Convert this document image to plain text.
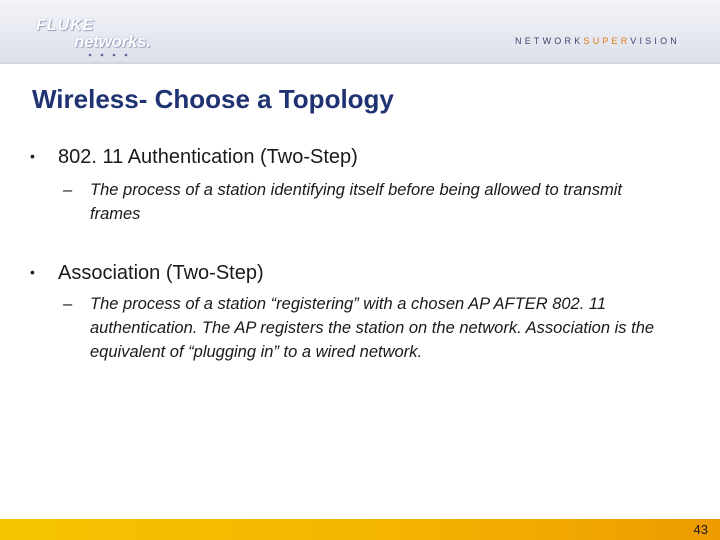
FLUKE
networks.	NETWORKSUPERVISION
Wireless- Choose a Topology
• 802. 11 Authentication (Two-Step)
– The process of a station identifying itself before being allowed to transmit frames
• Association (Two-Step)
– The process of a station “registering” with a chosen AP AFTER 802. 11 authentication. The AP registers the station on the network. Association is the equivalent of “plugging in” to a wired network.
43
